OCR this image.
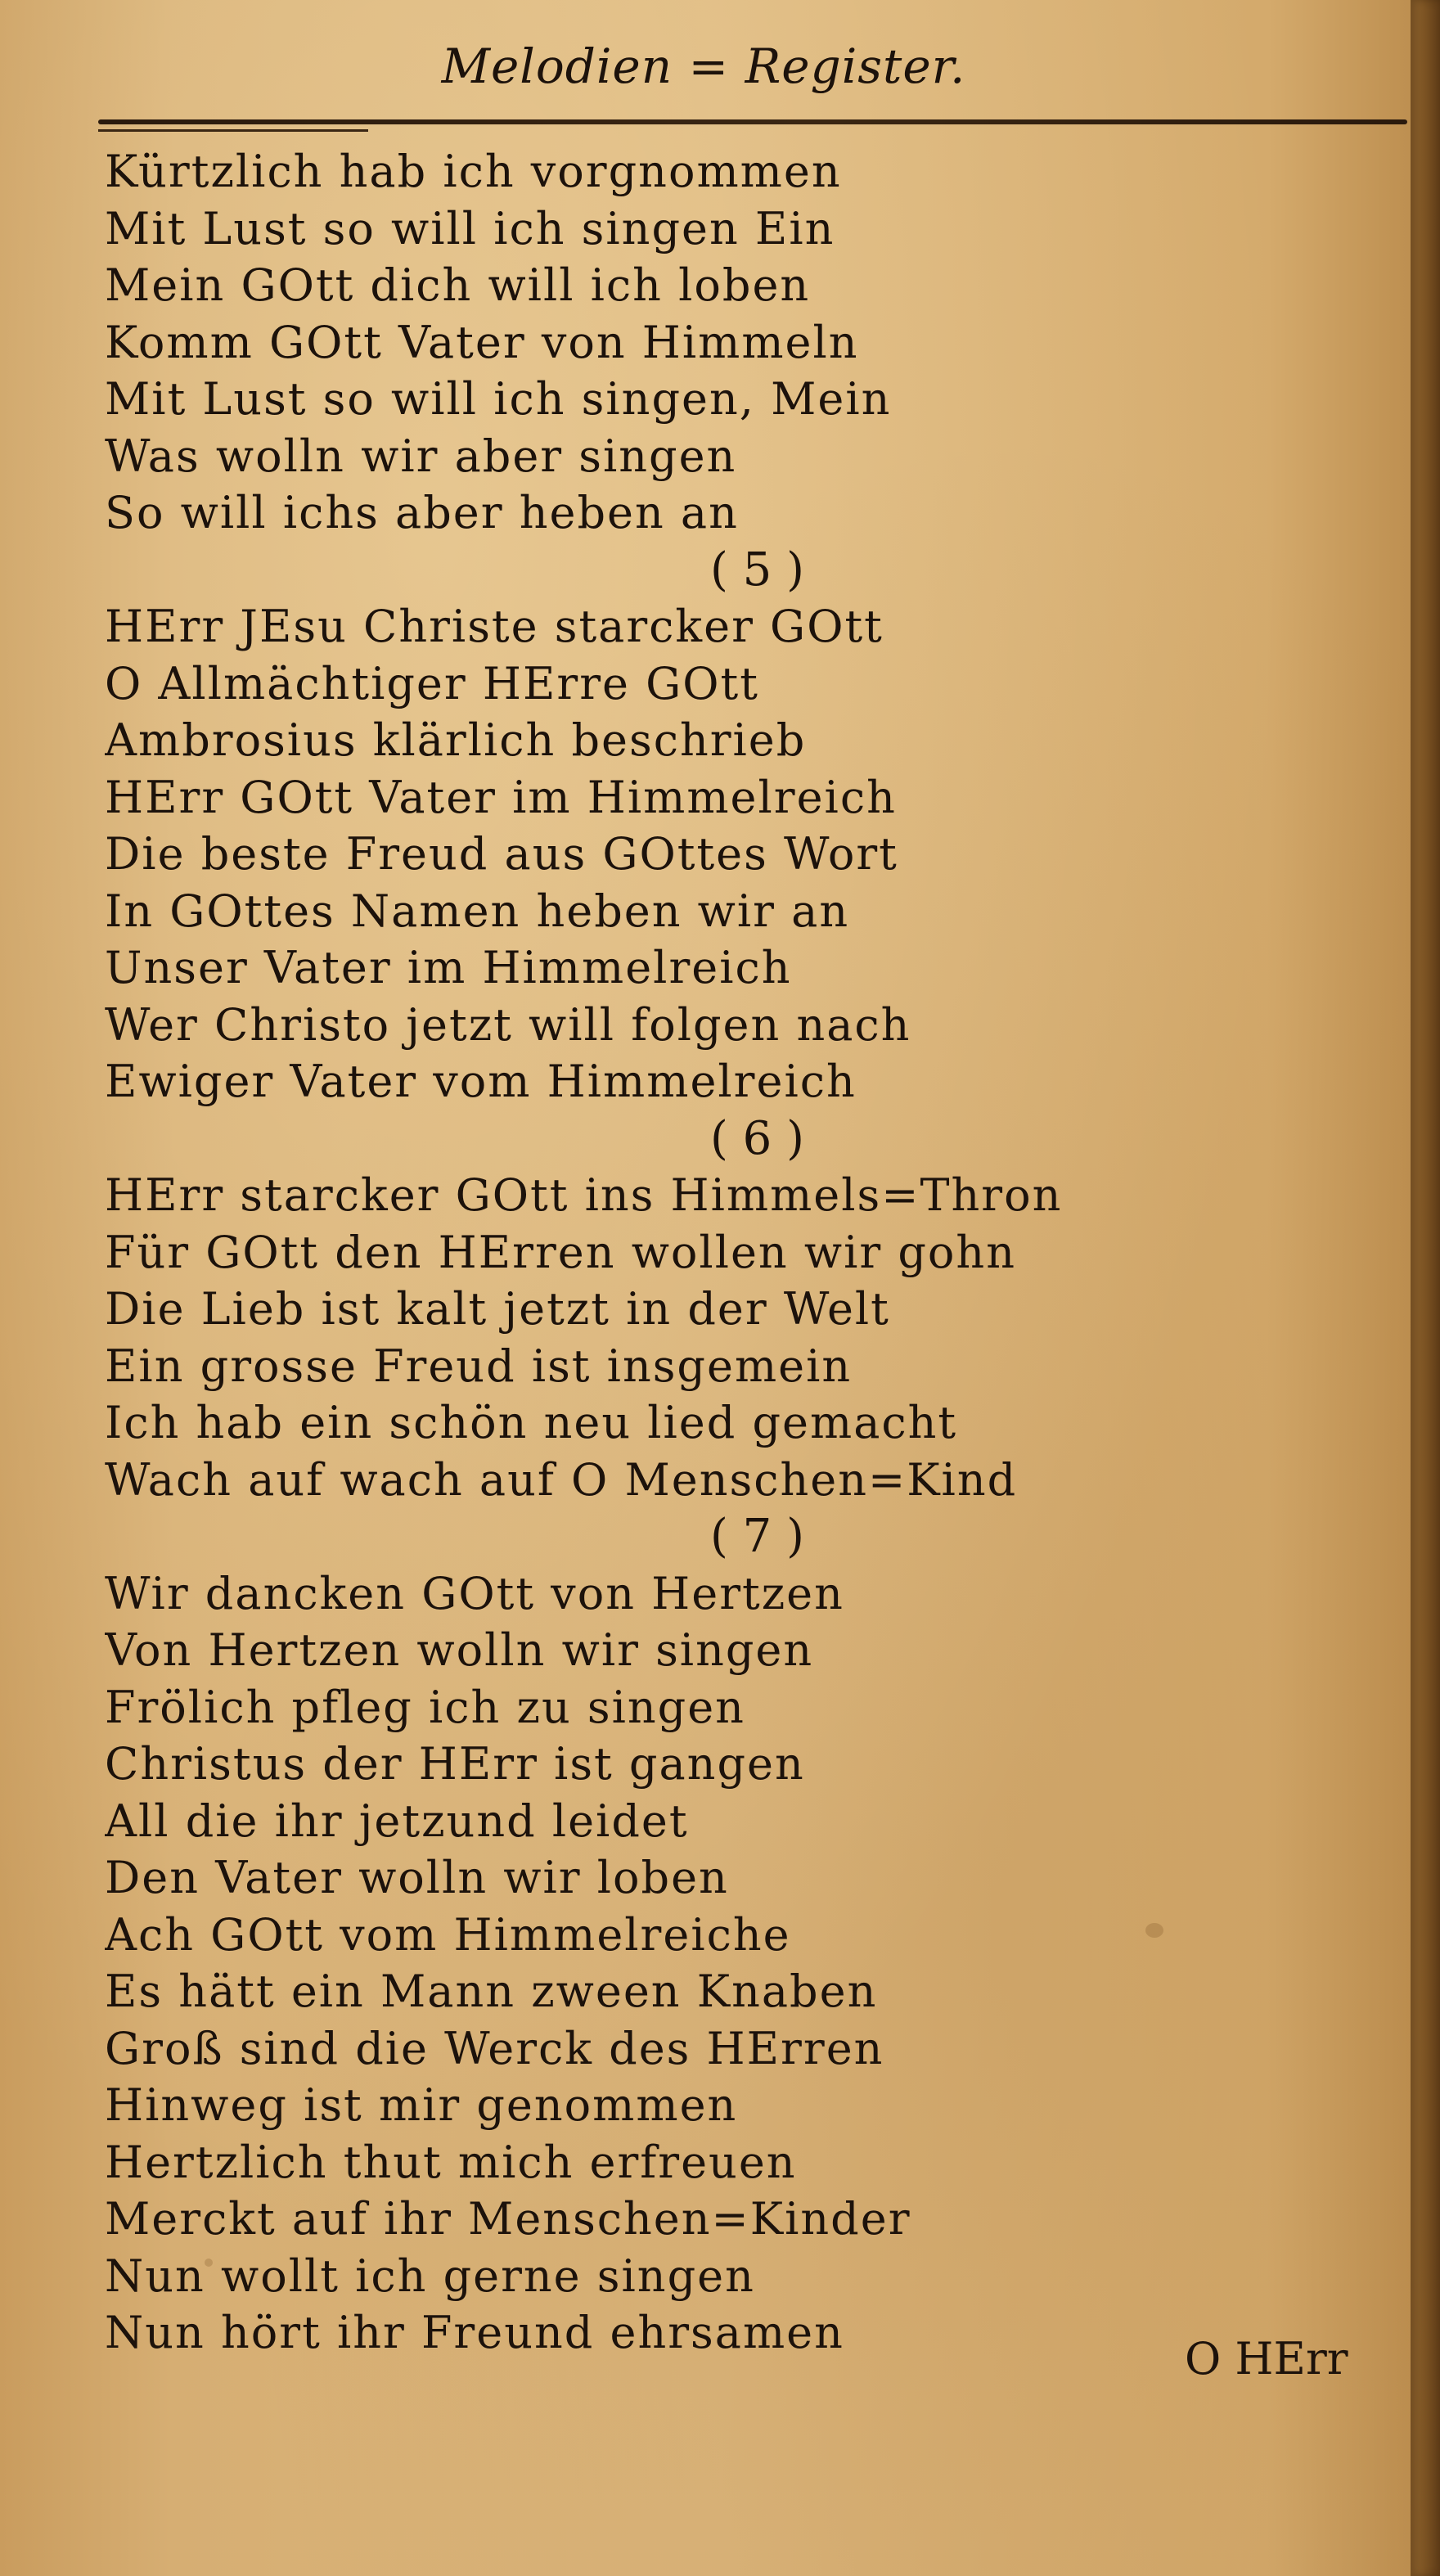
Melodien = Register.
Kürtzlich hab ich vorgnommen
Mit Lust so will ich singen Ein
Mein GOtt dich will ich loben
Komm GOtt Vater von Himmeln
Mit Lust so will ich singen, Mein
Was wolln wir aber singen
So will ichs aber heben an
( 5 )
HErr JEsu Christe starcker GOtt
O Allmächtiger HErre GOtt
Ambrosius klärlich beschrieb
HErr GOtt Vater im Himmelreich
Die beste Freud aus GOttes Wort
In GOttes Namen heben wir an
Unser Vater im Himmelreich
Wer Christo jetzt will folgen nach
Ewiger Vater vom Himmelreich
( 6 )
HErr starcker GOtt ins Himmels=Thron
Für GOtt den HErren wollen wir gohn
Die Lieb ist kalt jetzt in der Welt
Ein grosse Freud ist insgemein
Ich hab ein schön neu lied gemacht
Wach auf wach auf O Menschen=Kind
( 7 )
Wir dancken GOtt von Hertzen
Von Hertzen wolln wir singen
Frölich pfleg ich zu singen
Christus der HErr ist gangen
All die ihr jetzund leidet
Den Vater wolln wir loben
Ach GOtt vom Himmelreiche
Es hätt ein Mann zween Knaben
Groß sind die Werck des HErren
Hinweg ist mir genommen
Hertzlich thut mich erfreuen
Merckt auf ihr Menschen=Kinder
Nun wollt ich gerne singen
Nun hört ihr Freund ehrsamen
O HErr
